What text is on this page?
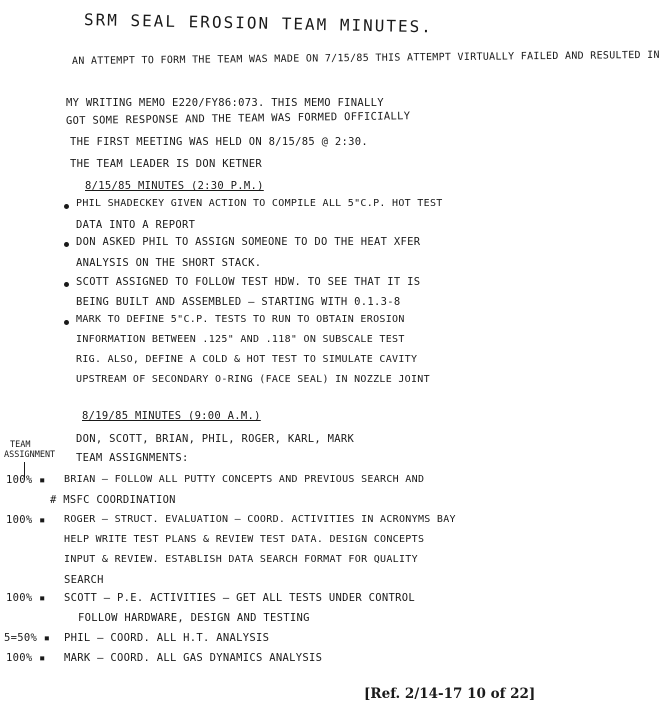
SRM SEAL EROSION TEAM MINUTES.
AN ATTEMPT TO FORM THE TEAM WAS MADE ON 7/15/85 THIS ATTEMPT VIRTUALLY FAILED AND RESULTED IN
MY WRITING MEMO E220/FY86:073. THIS MEMO FINALLY
GOT SOME RESPONSE AND THE TEAM WAS FORMED OFFICIALLY
THE FIRST MEETING WAS HELD ON 8/15/85 @ 2:30.
THE TEAM LEADER IS DON KETNER
8/15/85 MINUTES (2:30 P.M.)
PHIL SHADECKEY GIVEN ACTION TO COMPILE ALL 5"C.P. HOT TEST
DATA INTO A REPORT
DON ASKED PHIL TO ASSIGN SOMEONE TO DO THE HEAT XFER
ANALYSIS ON THE SHORT STACK.
SCOTT ASSIGNED TO FOLLOW TEST HDW. TO SEE THAT IT IS
BEING BUILT AND ASSEMBLED — STARTING WITH 0.1.3-8
MARK TO DEFINE 5"C.P. TESTS TO RUN TO OBTAIN EROSION
INFORMATION BETWEEN .125" AND .118" ON SUBSCALE TEST
RIG. ALSO, DEFINE A COLD & HOT TEST TO SIMULATE CAVITY
UPSTREAM OF SECONDARY O-RING (FACE SEAL) IN NOZZLE JOINT
8/19/85 MINUTES (9:00 A.M.)
TEAM
ASSIGNMENT
DON, SCOTT, BRIAN, PHIL, ROGER, KARL, MARK
TEAM ASSIGNMENTS:
100% ▪ BRIAN — FOLLOW ALL PUTTY CONCEPTS AND PREVIOUS SEARCH AND
# MSFC COORDINATION
100% ▪ ROGER — STRUCT. EVALUATION — COORD. ACTIVITIES IN ACRONYMS BAY
HELP WRITE TEST PLANS & REVIEW TEST DATA. DESIGN CONCEPTS
INPUT & REVIEW. ESTABLISH DATA SEARCH FORMAT FOR QUALITY
SEARCH
100% ▪ SCOTT — P.E. ACTIVITIES — GET ALL TESTS UNDER CONTROL
FOLLOW HARDWARE, DESIGN AND TESTING
5=50% ▪ PHIL — COORD. ALL H.T. ANALYSIS
100% ▪ MARK — COORD. ALL GAS DYNAMICS ANALYSIS
[Ref. 2/14-17 10 of 22]
